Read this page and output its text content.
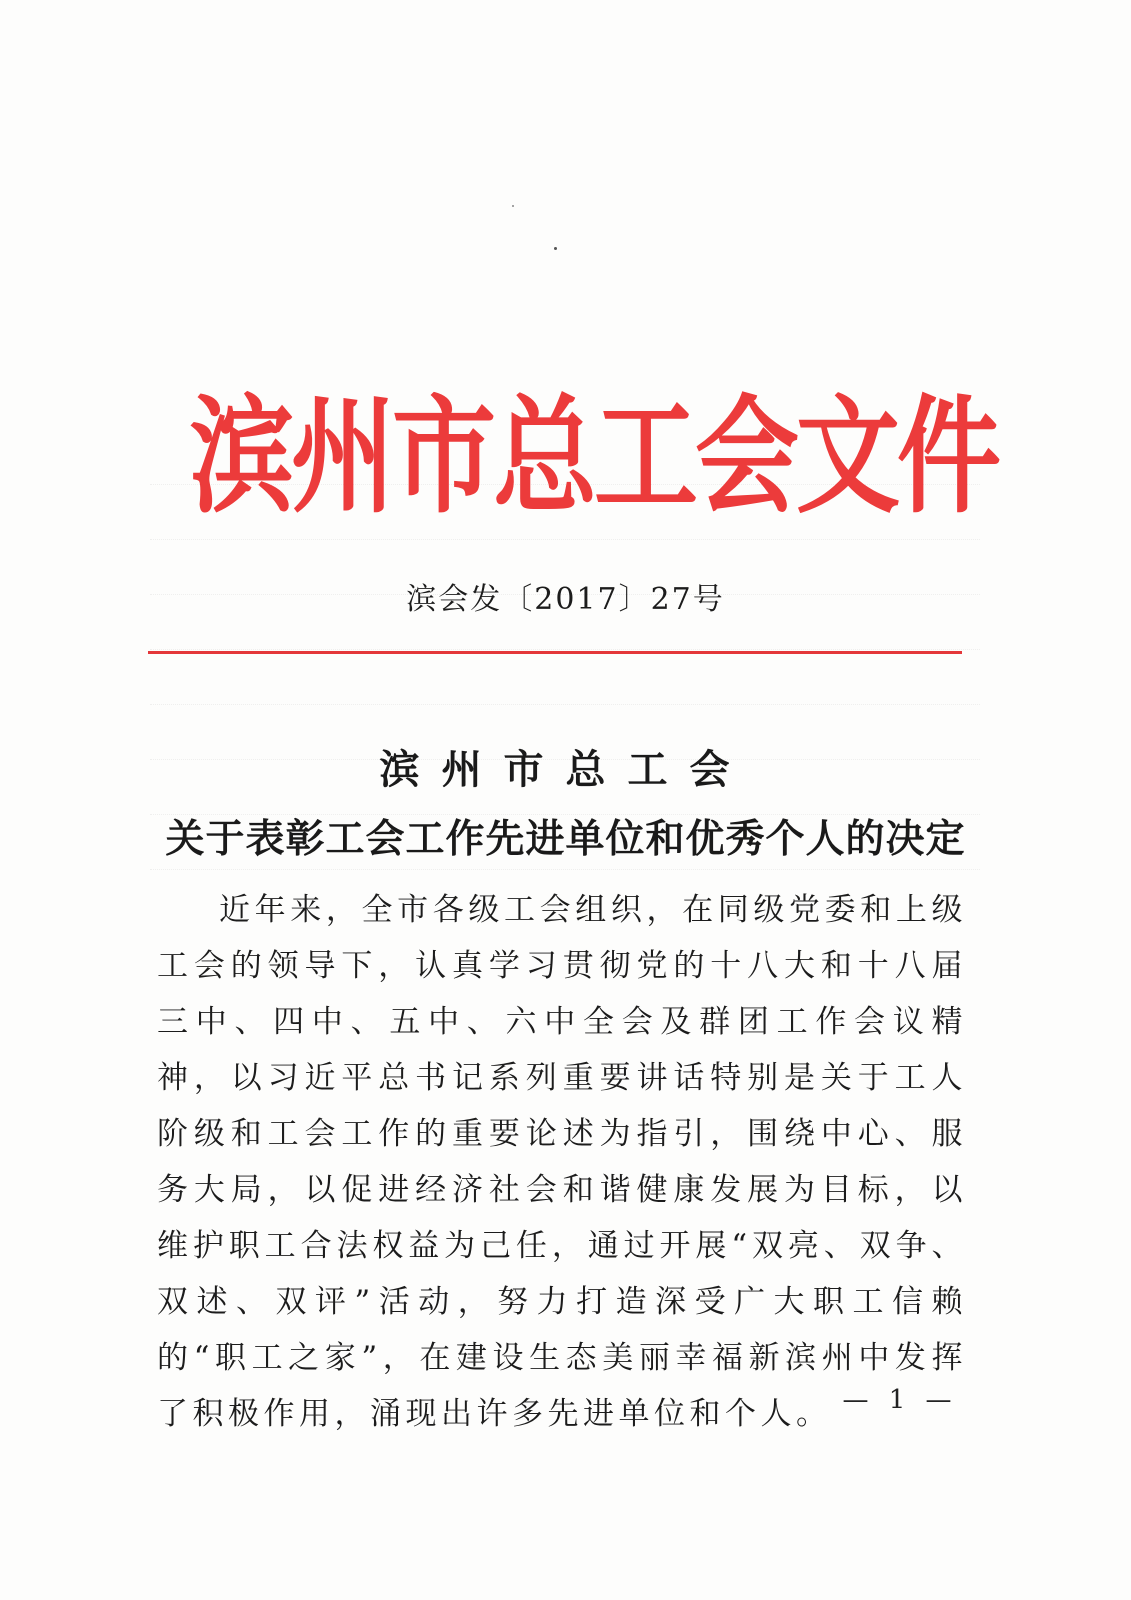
滨州市总工会文件
滨会发〔2017〕27号
滨州市总工会
关于表彰工会工作先进单位和优秀个人的决定

近年来，全市各级工会组织，在同级党委和上级工会的领导下，认真学习贯彻党的十八大和十八届三中、四中、五中、六中全会及群团工作会议精神，以习近平总书记系列重要讲话特别是关于工人阶级和工会工作的重要论述为指引，围绕中心、服务大局，以促进经济社会和谐健康发展为目标，以维护职工合法权益为己任，通过开展“双亮、双争、双述、双评”活动，努力打造深受广大职工信赖的“职工之家”，在建设生态美丽幸福新滨州中发挥了积极作用，涌现出许多先进单位和个人。 — 1 —
